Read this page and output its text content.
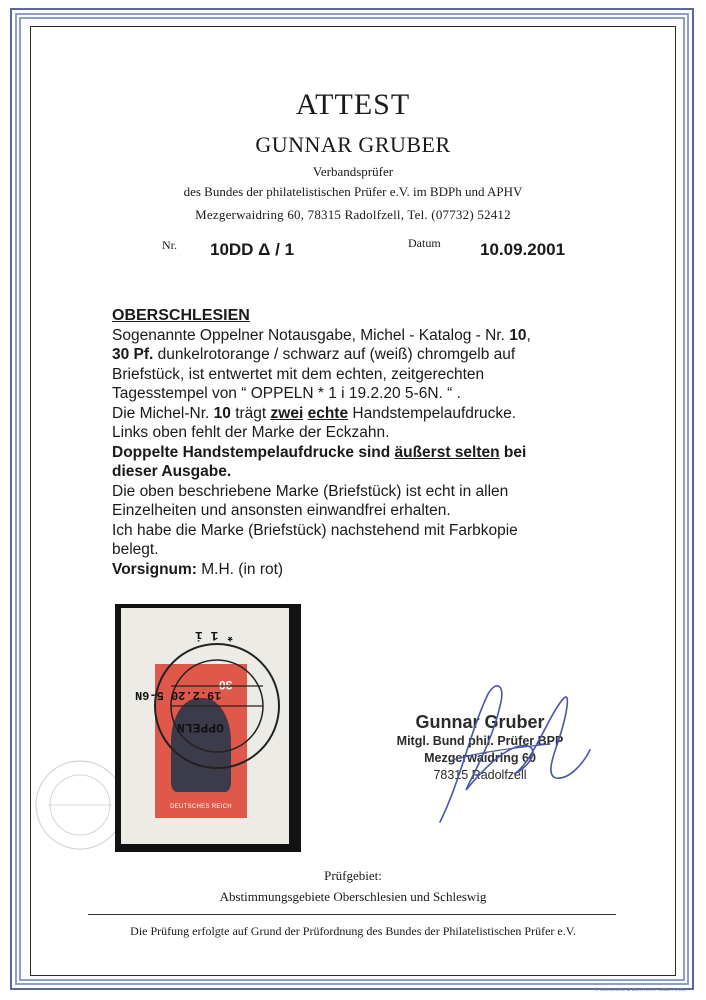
ATTEST
GUNNAR GRUBER
Verbandsprüfer
des Bundes der philatelistischen Prüfer e.V. im BDPh und APHV
Mezgerwaidring 60, 78315 Radolfzell, Tel. (07732) 52412
Nr. 10DD Δ / 1	Datum 10.09.2001

OBERSCHLESIEN

Sogenannte Oppelner Notausgabe, Michel - Katalog - Nr. 10,

30 Pf. dunkelrotorange / schwarz auf (weiß) chromgelb auf

Briefstück, ist entwertet mit dem echten, zeitgerechten

Tagesstempel von “ OPPELN * 1 i 19.2.20 5-6N. “ .

Die Michel-Nr. 10 trägt zwei echte Handstempelaufdrucke.

Links oben fehlt der Marke der Eckzahn.

Doppelte Handstempelaufdrucke sind äußerst selten bei

dieser Ausgabe.

Die oben beschriebene Marke (Briefstück) ist echt in allen

Einzelheiten und ansonsten einwandfrei erhalten.

Ich habe die Marke (Briefstück) nachstehend mit Farbkopie

belegt.

Vorsignum: M.H. (in rot)

30
DEUTSCHES REICH
* 1 i
19.2.20 5-6N
OPPELN	Gunnar Gruber
Mitgl. Bund phil. Prüfer BPP
Mezgerwaidring 60
78315 Radolfzell
Prüfgebiet:
Abstimmungsgebiete Oberschlesien und Schleswig
Die Prüfung erfolgte auf Grund der Prüfordnung des Bundes der Philatelistischen Prüfer e.V.
© GIESECKE & DEVRIENT GMBH 1993
